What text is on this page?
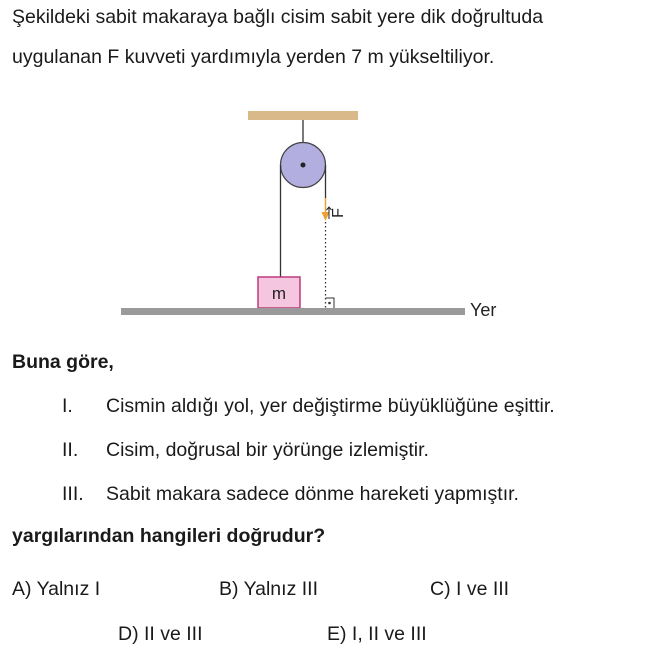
Şekildeki sabit makaraya bağlı cisim sabit yere dik doğrultuda
uygulanan F kuvveti yardımıyla yerden 7 m yükseltiliyor.
F
m
Yer
Buna göre,
I. Cismin aldığı yol, yer değiştirme büyüklüğüne eşittir.
II. Cisim, doğrusal bir yörünge izlemiştir.
III. Sabit makara sadece dönme hareketi yapmıştır.
yargılarından hangileri doğrudur?
A) Yalnız I	B) Yalnız III	C) I ve III
D) II ve III	E) I, II ve III
